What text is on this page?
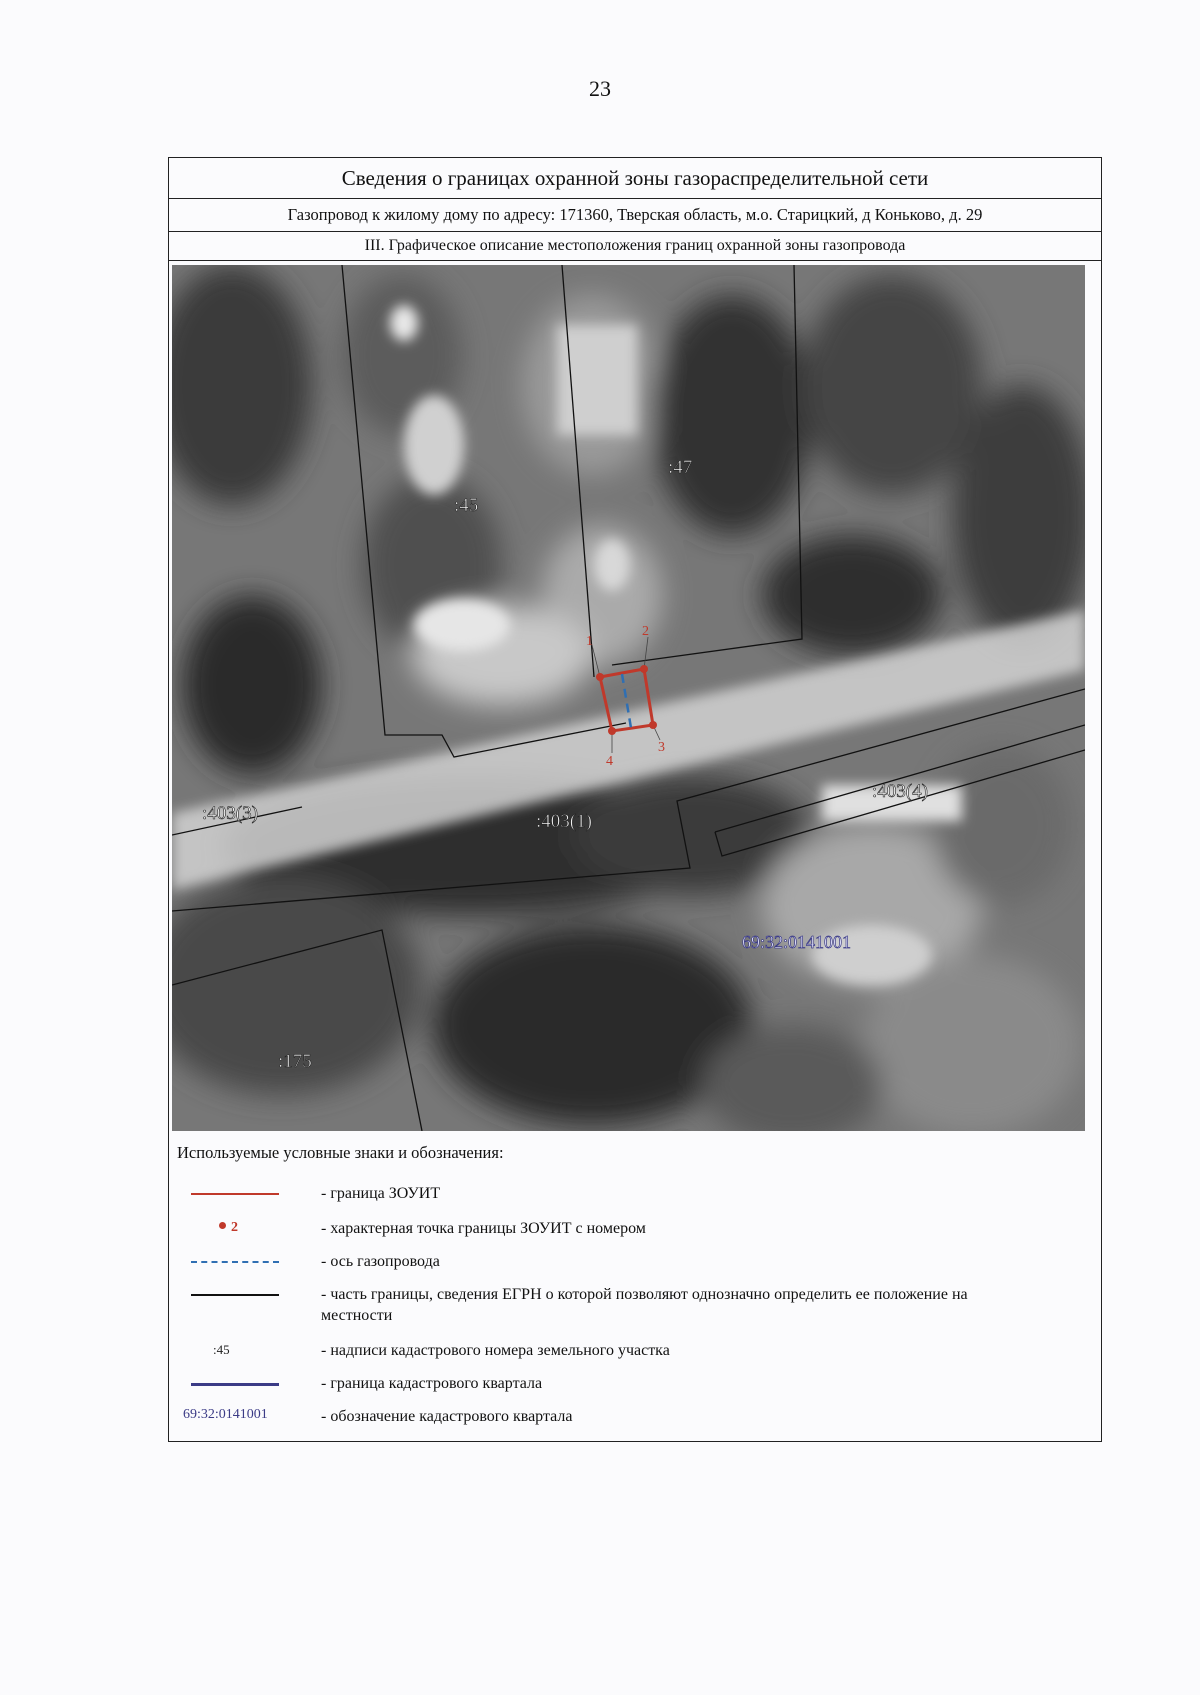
23
Сведения о границах охранной зоны газораспределительной сети
Газопровод к жилому дому по адресу: 171360, Тверская область, м.о. Старицкий, д Коньково, д. 29
III. Графическое описание местоположения границ охранной зоны газопровода
1
2
3
4
:45
:47
:403(3)	:403(1)
:403(4)
:175
69:32:0141001
Используемые условные знаки и обозначения:
- граница ЗОУИТ
2	- характерная точка границы ЗОУИТ с номером
- ось газопровода
- часть границы, сведения ЕГРН о которой позволяют однозначно определить ее положение на местности
:45	- надписи кадастрового номера земельного участка
- граница кадастрового квартала
69:32:0141001	- обозначение кадастрового квартала
